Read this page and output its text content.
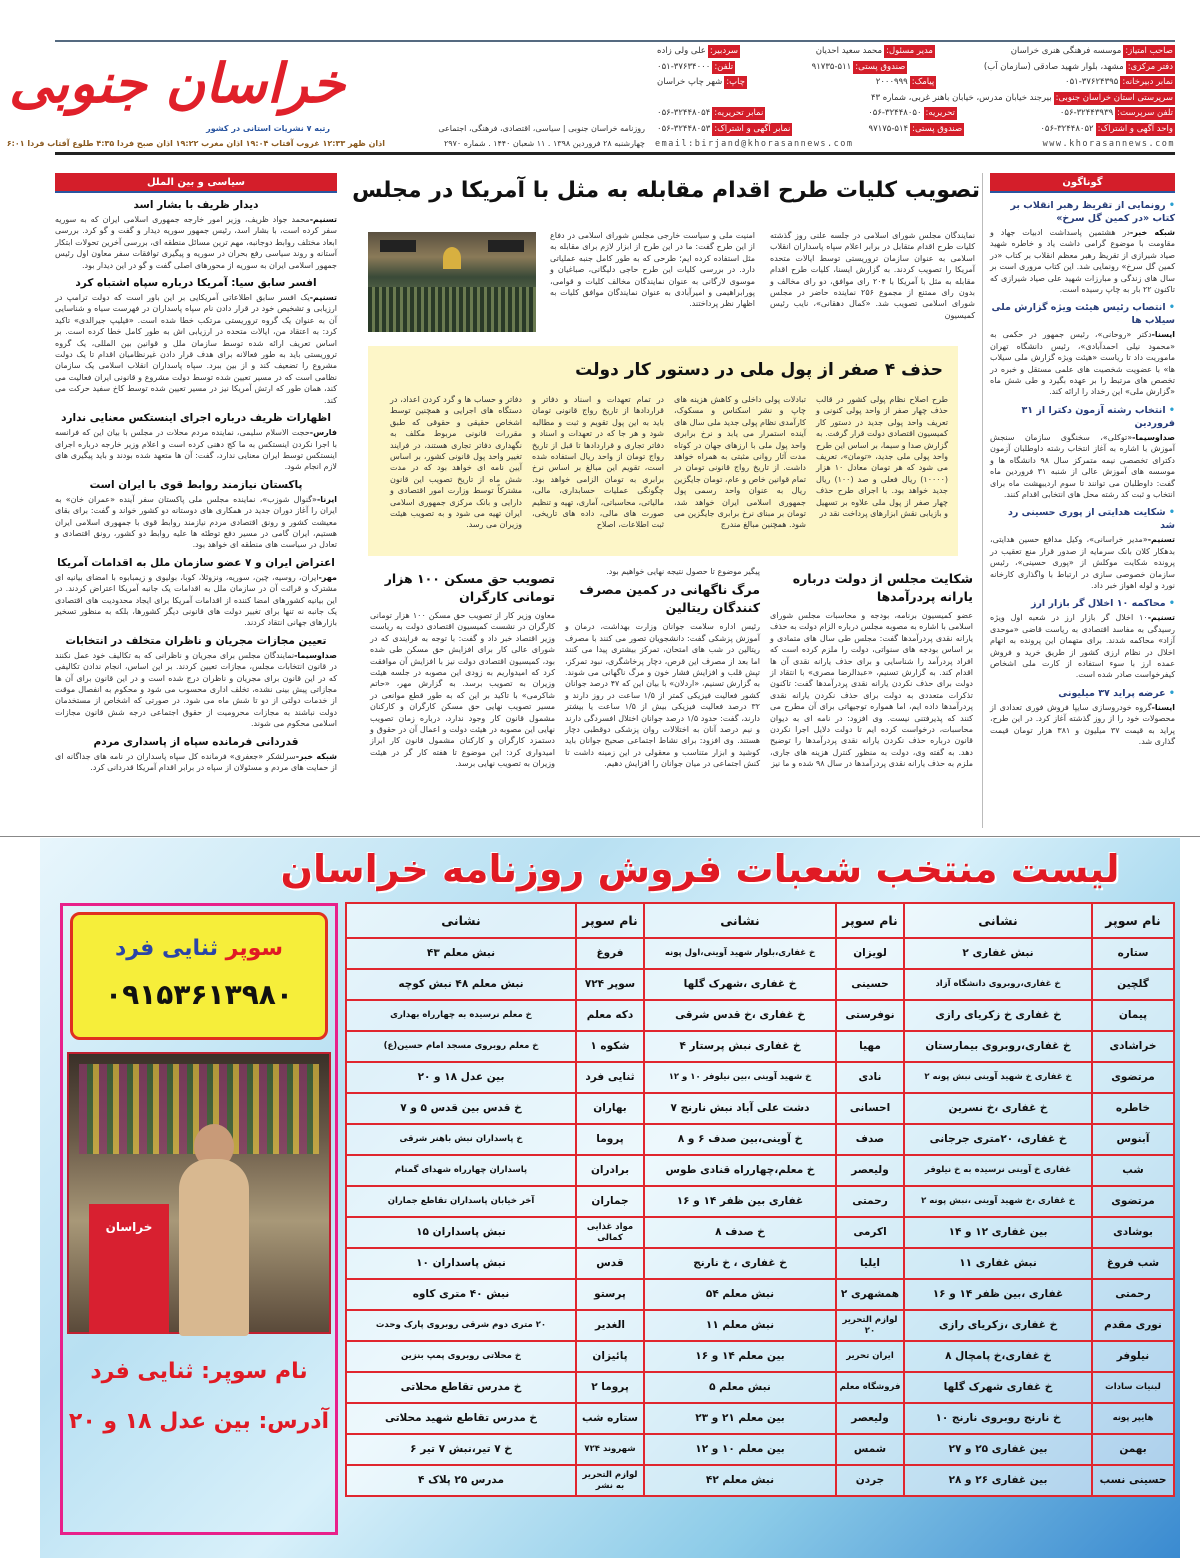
خراسان جنوبی
رتبه ۷ نشریات استانی در کشور	روزنامه خراسان جنوبی | سیاسی، اقتصادی، فرهنگی، اجتماعی
صاحب امتیاز:
موسسه فرهنگی هنری خراسان
مدیر مسئول:
محمد سعید احدیان
سردبیر:
علی ولی زاده
دفتر مرکزی:
مشهد، بلوار شهید صادقی (سازمان آب)
صندوق پستی:
۹۱۷۳۵-۵۱۱
تلفن:
۰۵۱-۳۷۶۳۴۰۰۰
نمابر دبیرخانه:
۰۵۱-۳۷۶۲۴۳۹۵
پیامک:
۲۰۰۰۹۹۹
چاپ:
شهر چاپ خراسان
سرپرستی استان خراسان جنوبی:
بیرجند خیابان مدرس، خیابان باهنر غربی، شماره ۴۳
تلفن سرپرست:
۰۵۶-۳۲۴۴۳۹۳۹
تحریریه:
۰۵۶-۳۲۴۴۸۰۵۰
نمابر تحریریه:
۰۵۶-۳۲۴۴۸۰۵۴
واحد آگهی و اشتراک:
۰۵۶-۳۲۴۴۸۰۵۲
صندوق پستی:
۹۷۱۷۵-۵۱۴
نمابر آگهی و اشتراک:
۰۵۶-۳۲۴۴۸۰۵۳
email:birjand@khorasannews.com	www.khorasannews.com
اذان ظهر ۱۲:۳۳ غروب آفتاب ۱۹:۰۴ اذان مغرب ۱۹:۲۲ اذان صبح فردا ۴:۳۵ طلوع آفتاب فردا ۶:۰۱	چهارشنبه ۲۸ فروردین ۱۳۹۸ . ۱۱ شعبان ۱۴۴۰ . شماره ۲۹۷۰
سیاسی و بین الملل
دیدار ظریف با بشار اسد
تسنیم-محمد جواد ظریف، وزیر امور خارجه جمهوری اسلامی ایران که به سوریه سفر کرده است، با بشار اسد، رئیس جمهور سوریه دیدار و گفت و گو کرد. بررسی ابعاد مختلف روابط دوجانبه، مهم ترین مسائل منطقه ای، بررسی آخرین تحولات ابتکار آستانه و روند سیاسی رفع بحران در سوریه و پیگیری توافقات سفر معاون اول رئیس جمهور اسلامی ایران به سوریه از محورهای اصلی گفت و گو در این دیدار بود.
افسر سابق سیا: آمریکا درباره سپاه اشتباه کرد
تسنیم-یک افسر سابق اطلاعاتی آمریکایی بر این باور است که دولت ترامپ در ارزیابی و تشخیص خود در قرار دادن نام سپاه پاسداران در فهرست سیاه و شناسایی آن به عنوان یک گروه تروریستی مرتکب خطا شده است. «فیلیپ جیرالدی» تاکید کرد: به اعتقاد من، ایالات متحده در ارزیابی اش به طور کامل خطا کرده است. بر اساس تعریف ارائه شده توسط سازمان ملل و قوانین بین المللی، یک گروه تروریستی باید به طور فعالانه برای هدف قرار دادن غیرنظامیان اقدام تا یک دولت مشروع را تضعیف کند و از بین ببرد. سپاه پاسداران انقلاب اسلامی یک سازمان نظامی است که در مسیر تعیین شده توسط دولت مشروع و قانونی ایران فعالیت می کند، همان طور که ارتش آمریکا نیز در مسیر تعیین شده توسط کاخ سفید حرکت می کند.
اظهارات ظریف درباره اجرای اینستکس معنایی ندارد
فارس-حجت الاسلام سلیمی، نماینده مردم محلات در مجلس با بیان این که فرانسه با اجرا نکردن اینستکس به ما کج دهنی کرده است و اعلام وزیر خارجه درباره اجرای اینستکس توسط ایران معنایی ندارد، گفت: آن ها متعهد شده بودند و باید پیگیری های لازم انجام شود.
پاکستان نیازمند روابط قوی با ایران است
ایرنا-«گنوال شوزب»، نماینده مجلس ملی پاکستان سفر آینده «عمران خان» به ایران را آغاز دوران جدید در همکاری های دوستانه دو کشور خواند و گفت: برای بقای معیشت کشور و رونق اقتصادی مردم نیازمند روابط قوی با جمهوری اسلامی ایران هستیم، ایران گامی در مسیر دفع توطئه ها علیه روابط دو کشور، رونق اقتصادی و تعادل در سیاست های منطقه ای خواهد بود.
اعتراض ایران و ۷ عضو سازمان ملل به اقدامات آمریکا
مهر-ایران، روسیه، چین، سوریه، ونزوئلا، کوبا، بولیوی و زیمبابوه با امضای بیانیه ای مشترک و قرائت آن در سازمان ملل به اقدامات یک جانبه آمریکا اعتراض کردند. در این بیانیه کشورهای امضا کننده از اقدامات آمریکا برای ایجاد محدودیت های اقتصادی یک جانبه نه تنها برای تغییر دولت های قانونی دیگر کشورها، بلکه به منظور تسخیر بازارهای جهانی انتقاد کردند.
تعیین مجازات مجریان و ناظران متخلف در انتخابات
صداوسیما-نمایندگان مجلس برای مجریان و ناظرانی که به تکالیف خود عمل نکنند در قانون انتخابات مجلس، مجازات تعیین کردند. بر این اساس، انجام ندادن تکالیفی که در این قانون برای مجریان و ناظران درج شده است و در این قانون برای آن ها مجازاتی پیش بینی نشده، تخلف اداری محسوب می شود و محکوم به انفصال موقت از خدمات دولتی از دو تا شش ماه می شود. در صورتی که اشخاص از مستخدمان دولت نباشند به مجازات محرومیت از حقوق اجتماعی درجه شش قانون مجازات اسلامی محکوم می شوند.
قدردانی فرمانده سپاه از پاسداری مردم
شبکه خبر-سرلشکر «جعفری» فرمانده کل سپاه پاسداران در نامه های جداگانه ای از حمایت های مردم و مسئولان از سپاه در برابر اقدام آمریکا قدردانی کرد.
گوناگون
• رونمایی از تقریظ رهبر انقلاب بر کتاب «در کمین گل سرخ»
شبکه خبر-در هشتمین پاسداشت ادبیات جهاد و مقاومت با موضوع گرامی داشت یاد و خاطره شهید صیاد شیرازی از تقریظ رهبر معظم انقلاب بر کتاب «در کمین گل سرخ» رونمایی شد. این کتاب مروری است بر سال های زندگی و مبارزات شهید علی صیاد شیرازی که تاکنون ۲۲ بار به چاپ رسیده است.
• انتصاب رئیس هیئت ویژه گزارش ملی سیلاب ها
ایسنا-دکتر «روحانی»، رئیس جمهور در حکمی به «محمود نیلی احمدآبادی»، رئیس دانشگاه تهران ماموریت داد تا ریاست «هیئت ویژه گزارش ملی سیلاب ها» با عضویت شخصیت های علمی مستقل و خبره در تخصص های مرتبط را بر عهده بگیرد و طی شش ماه «گزارش ملی» این رخداد را ارائه کند.
• انتخاب رشته آزمون دکترا از ۳۱ فروردین
صداوسیما-«توکلی»، سخنگوی سازمان سنجش آموزش با اشاره به آغاز انتخاب رشته داوطلبان آزمون دکترای تخصصی نیمه متمرکز سال ۹۸ دانشگاه ها و موسسه های آموزش عالی از شنبه ۳۱ فروردین ماه گفت: داوطلبان می توانند تا سوم اردیبهشت ماه برای انتخاب و ثبت کد رشته محل های انتخابی اقدام کنند.
• شکایت هدایتی از پوری حسینی رد شد
تسنیم-«مدیر خراسانی»، وکیل مدافع حسین هدایتی، بدهکار کلان بانک سرمایه از صدور قرار منع تعقیب در پرونده شکایت موکلش از «پوری حسینی»، رئیس سازمان خصوصی سازی در ارتباط با واگذاری کارخانه نورد و لوله اهواز خبر داد.
• محاکمه ۱۰ اخلال گر بازار ارز
تسنیم-۱۰ اخلال گر بازار ارز در شعبه اول ویژه رسیدگی به مفاسد اقتصادی به ریاست قاضی «موحدی آزاد» محاکمه شدند. برای متهمان این پرونده به اتهام اخلال در نظام ارزی کشور از طریق خرید و فروش عمده ارز با سوء استفاده از کارت ملی اشخاص کیفرخواست صادر شده است.
• عرضه پراید ۳۷ میلیونی
ایسنا-گروه خودروسازی سایپا فروش فوری تعدادی از محصولات خود را از روز گذشته آغاز کرد. در این طرح، پراید به قیمت ۳۷ میلیون و ۳۸۱ هزار تومان قیمت گذاری شد.
تصویب کلیات طرح اقدام مقابله به مثل با آمریکا در مجلس
نمایندگان مجلس شورای اسلامی در جلسه علنی روز گذشته کلیات طرح اقدام متقابل در برابر اعلام سپاه پاسداران انقلاب اسلامی به عنوان سازمان تروریستی توسط ایالات متحده آمریکا را تصویب کردند. به گزارش ایسنا، کلیات طرح اقدام مقابله به مثل با آمریکا با ۲۰۴ رای موافق، دو رای مخالف و بدون رای ممتنع از مجموع ۲۵۶ نماینده حاضر در مجلس شورای اسلامی تصویب شد. «کمال دهقانی»، نایب رئیس کمیسیون
امنیت ملی و سیاست خارجی مجلس شورای اسلامی در دفاع از این طرح گفت: ما در این طرح از ابزار لازم برای مقابله به مثل استفاده کرده ایم؛ طرحی که به طور کامل جنبه عملیاتی دارد. در بررسی کلیات این طرح حاجی دلیگانی، صباغیان و موسوی لارگانی به عنوان نمایندگان مخالف کلیات و قوامی، پورابراهیمی و امیرآبادی به عنوان نمایندگان موافق کلیات به اظهار نظر پرداختند.
حذف ۴ صفر از پول ملی در دستور کار دولت
طرح اصلاح نظام پولی کشور در قالب حذف چهار صفر از واحد پولی کنونی و تعریف واحد پولی جدید در دستور کار کمیسیون اقتصادی دولت قرار گرفت. به گزارش صدا و سیما، بر اساس این طرح واحد پولی ملی جدید، «تومان»، تعریف می شود که هر تومان معادل ۱۰ هزار (۱۰۰۰۰) ریال فعلی و صد (۱۰۰) ریال جدید خواهد بود. با اجرای طرح حذف چهار صفر از پول ملی علاوه بر تسهیل و بازیابی نقش ابزارهای پرداخت نقد در
تبادلات پولی داخلی و کاهش هزینه های چاپ و نشر اسکناس و مسکوک، کارآمدی نظام پولی جدید ملی سال های آینده استمرار می یابد و نرخ برابری واحد پول ملی با ارزهای جهان در کوتاه مدت آثار روانی مثبتی به همراه خواهد داشت. از تاریخ رواج قانونی تومان در تمام قوانین خاص و عام، تومان جایگزین ریال به عنوان واحد رسمی پول جمهوری اسلامی ایران خواهد شد، تومان بر مبنای نرخ برابری جایگزین می شود. همچنین مبالغ مندرج
در تمام تعهدات و اسناد و دفاتر و قراردادها از تاریخ رواج قانونی تومان باید به این پول تقویم و ثبت و مطالبه شود و هر جا که در تعهدات و اسناد و دفاتر تجاری و قراردادها تا قبل از تاریخ رواج تومان از واحد ریال استفاده شده است، تقویم این مبالغ بر اساس نرخ برابری به تومان الزامی خواهد بود. چگونگی عملیات حسابداری، مالی، مالیاتی، محاسباتی، آماری، تهیه و تنظیم صورت های مالی، داده های تاریخی، ثبت اطلاعات، اصلاح
دفاتر و حساب ها و گرد کردن اعداد، در دستگاه های اجرایی و همچنین توسط اشخاص حقیقی و حقوقی که طبق مقررات قانونی مربوط مکلف به نگهداری دفاتر تجاری هستند، در فرایند تغییر واحد پول قانونی کشور، بر اساس آیین نامه ای خواهد بود که در مدت شش ماه از تاریخ تصویب این قانون مشترکاً توسط وزارت امور اقتصادی و دارایی و بانک مرکزی جمهوری اسلامی ایران تهیه می شود و به تصویب هیئت وزیران می رسد.
شکایت مجلس از دولت درباره یارانه پردرآمدها
عضو کمیسیون برنامه، بودجه و محاسبات مجلس شورای اسلامی با اشاره به مصوبه مجلس درباره الزام دولت به حذف یارانه نقدی پردرآمدها گفت: مجلس طی سال های متمادی و بر اساس بودجه های سنواتی، دولت را ملزم کرده است که افراد پردرآمد را شناسایی و برای حذف یارانه نقدی آن ها اقدام کند. به گزارش تسنیم، «عبدالرضا مصری» با انتقاد از دولت برای حذف نکردن یارانه نقدی پردرآمدها گفت: تاکنون تذکرات متعددی به دولت برای حذف نکردن یارانه نقدی پردرآمدها داده ایم، اما همواره توجیهاتی برای آن مطرح می کنند که پذیرفتنی نیست. وی افزود: در نامه ای به دیوان محاسبات، درخواست کرده ایم تا دولت دلایل اجرا نکردن قانون درباره حذف نکردن یارانه نقدی پردرآمدها را توضیح دهد. به گفته وی، دولت به منظور کنترل هزینه های جاری، ملزم به حذف یارانه نقدی پردرآمدها در سال ۹۸ شده و ما نیز
پیگیر موضوع تا حصول نتیجه نهایی خواهیم بود.
مرگ ناگهانی در کمین مصرف کنندگان ریتالین
رئیس اداره سلامت جوانان وزارت بهداشت، درمان و آموزش پزشکی گفت: دانشجویان تصور می کنند با مصرف ریتالین در شب های امتحان، تمرکز بیشتری پیدا می کنند اما بعد از مصرف این قرص، دچار پرخاشگری، نبود تمرکز، تپش قلب و افزایش فشار خون و مرگ ناگهانی می شوند. به گزارش تسنیم، «اردلان» با بیان این که ۴۷ درصد جوانان کشور فعالیت فیزیکی کمتر از ۱/۵ ساعت در روز دارند و ۳۲ درصد فعالیت فیزیکی بیش از ۱/۵ ساعت یا بیشتر دارند، گفت: حدود ۱/۵ درصد جوانان اختلال افسردگی دارند و نیم درصد آنان به اختلالات روان پزشکی دوقطبی دچار هستند. وی افزود: برای نشاط اجتماعی صحیح جوانان باید کوشید و ابزار متناسب و معقولی در این زمینه داشت تا کنش اجتماعی در میان جوانان را افزایش دهیم.
تصویب حق مسکن ۱۰۰ هزار تومانی کارگران
معاون وزیر کار از تصویب حق مسکن ۱۰۰ هزار تومانی کارگران در نشست کمیسیون اقتصادی دولت به ریاست وزیر اقتصاد خبر داد و گفت: با توجه به فرایندی که در شورای عالی کار برای افزایش حق مسکن طی شده بود، کمیسیون اقتصادی دولت نیز با افزایش آن موافقت کرد که امیدواریم به زودی این مصوبه در جلسه هیئت وزیران به تصویب برسد. به گزارش مهر، «حاتم شاکرمی» با تاکید بر این که به طور قطع موانعی در مسیر تصویب نهایی حق مسکن کارگران و کارکنان مشمول قانون کار وجود ندارد، درباره زمان تصویب نهایی این مصوبه در هیئت دولت و اعمال آن در حقوق و دستمزد کارگران و کارکنان مشمول قانون کار ابراز امیدواری کرد: این موضوع تا هفته کار گر در هیئت وزیران به تصویب نهایی برسد.
لیست منتخب شعبات فروش روزنامه خراسان
نام سوپر	نشانی	نام سوپر	نشانی	نام سوپر	نشانی
ستاره	نبش غفاری ۲	لویزان	خ غفاری،بلوار شهید آوینی،اول پونه	فروغ	نبش معلم ۴۳
گلچین	خ غفاری،روبروی دانشگاه آزاد	حسینی	خ غفاری ،شهرک گلها	سوپر ۷۲۴	نبش معلم ۴۸ نبش کوچه
پیمان	خ غفاری خ زکریای رازی	نوفرستی	خ غفاری ،خ قدس شرقی	دکه معلم	خ معلم نرسیده به چهارراه بهداری
خراشادی	خ غفاری،روبروی بیمارستان	مهیا	خ غفاری نبش پرستار ۴	شکوه ۱	خ معلم روبروی مسجد امام حسین(ع)
مرتضوی	خ غفاری خ شهید آوینی نبش پونه ۲	نادی	خ شهید آوینی ،بین نیلوفر ۱۰ و ۱۲	ثنایی فرد	بین عدل ۱۸ و ۲۰
خاطره	خ غفاری ،خ نسرین	احسانی	دشت علی آباد نبش نارنج ۷	بهاران	خ قدس بین قدس ۵ و ۷
آبنوس	خ غفاری، ۲۰متری جرجانی	صدف	خ آوینی،بین صدف ۶ و ۸	پروما	خ پاسداران نبش باهنر شرقی
شب	غفاری خ آوینی نرسیده به خ نیلوفر	ولیعصر	خ معلم،چهارراه قنادی طوس	برادران	پاسداران چهارراه شهدای گمنام
مرتضوی	خ غفاری ،خ شهید آوینی ،نبش پونه ۲	رحمتی	غفاری بین ظفر ۱۴ و ۱۶	جماران	آخر خیابان پاسداران تقاطع جماران
بوشادی	بین غفاری ۱۲ و ۱۴	اکرمی	خ صدف ۸	مواد غذایی کمالی	نبش پاسداران ۱۵
شب فروغ	نبش غفاری ۱۱	ایلیا	خ غفاری ، خ نارنج	قدس	نبش پاسداران ۱۰
رحمتی	غفاری ،بین ظفر ۱۴ و ۱۶	همشهری ۲	نبش معلم ۵۴	پرستو	نبش ۴۰ متری کاوه
نوری مقدم	خ غفاری ،زکریای رازی	لوازم التحریر ۲۰	نبش معلم ۱۱	الغدیر	۲۰ متری دوم شرقی روبروی پارک وحدت
نیلوفر	خ غفاری،خ پامچال ۸	ایران تحریر	بین معلم ۱۴ و ۱۶	پائیزان	خ محلاتی روبروی پمپ بنزین
لبنیات سادات	خ غفاری شهرک گلها	فروشگاه معلم	نبش معلم ۵	پروما ۲	خ مدرس تقاطع محلاتی
هایپر پونه	خ نارنج روبروی نارنج ۱۰	ولیعصر	بین معلم ۲۱ و ۲۳	ستاره شب	خ مدرس تقاطع شهید محلاتی
بهمن	بین غفاری ۲۵ و ۲۷	شمس	بین معلم ۱۰ و ۱۲	شهروند ۷۲۴	خ ۷ تیر،نبش ۷ تیر ۶
حسینی نسب	بین غفاری ۲۶ و ۲۸	جردن	نبش معلم ۴۲	لوازم التحریر به نشر	مدرس ۲۵ پلاک ۴
سوپر ثنایی فرد
۰۹۱۵۳۶۱۳۹۸۰
خراسان
نام سوپر: ثنایی فرد
آدرس: بین عدل ۱۸ و ۲۰
